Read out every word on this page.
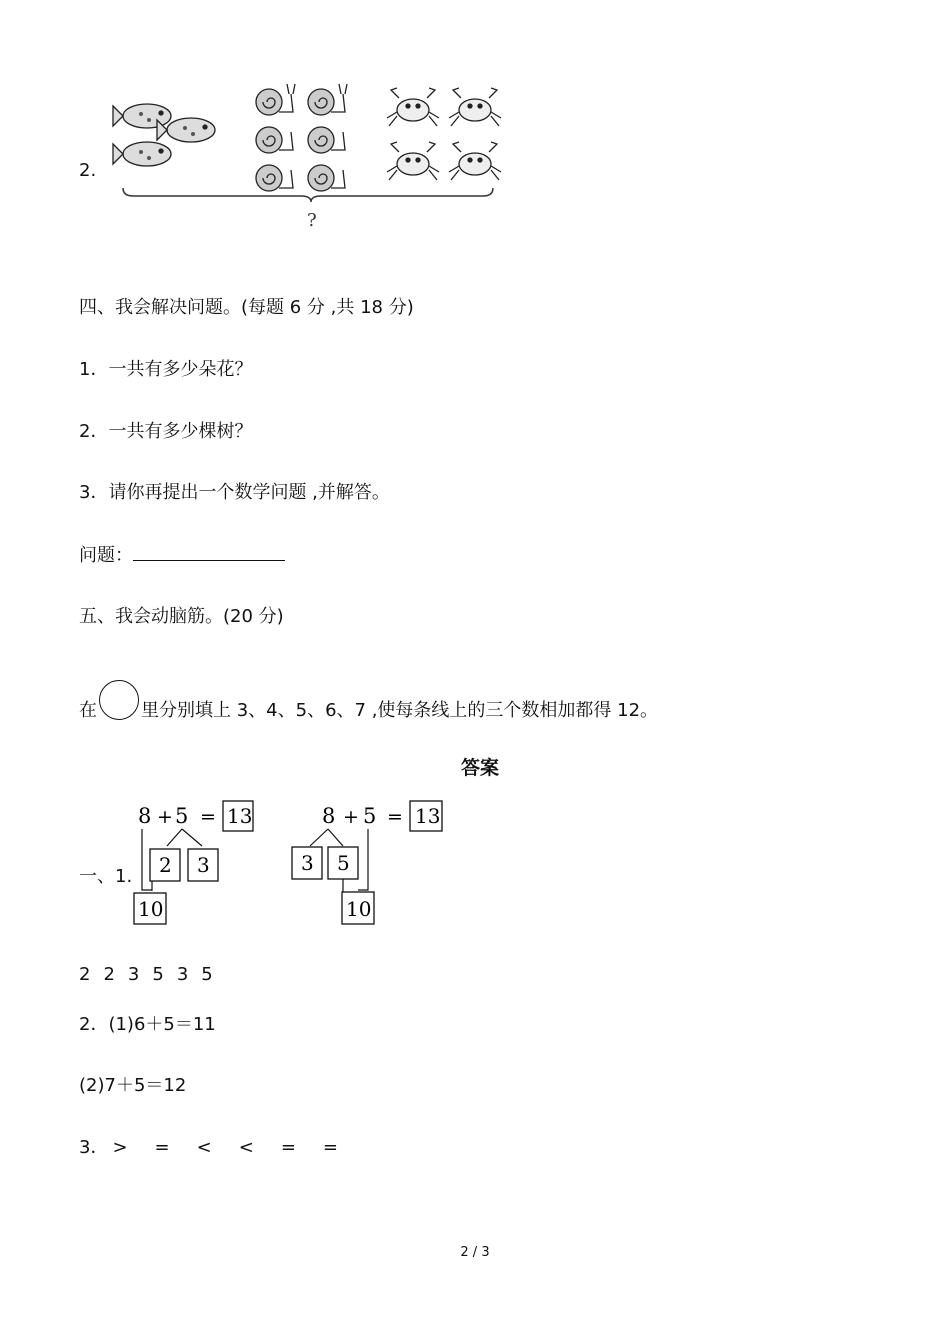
2.
?
四、我会解决问题。(每题 6 分 ,共 18 分)
1．一共有多少朵花？
2．一共有多少棵树？
3．请你再提出一个数学问题 ,并解答。
问题：
五、我会动脑筋。(20 分)
在 里分别填上 3、4、5、6、7 ,使每条线上的三个数相加都得 12。
答案
一、1.
8 + 5 = 13
2 3
10
8 + 5 = 13
3 5
10
2 2 3 5 3 5
2．(1)6＋5＝11
(2)7＋5＝12
3． > = < < = =
2 / 3
